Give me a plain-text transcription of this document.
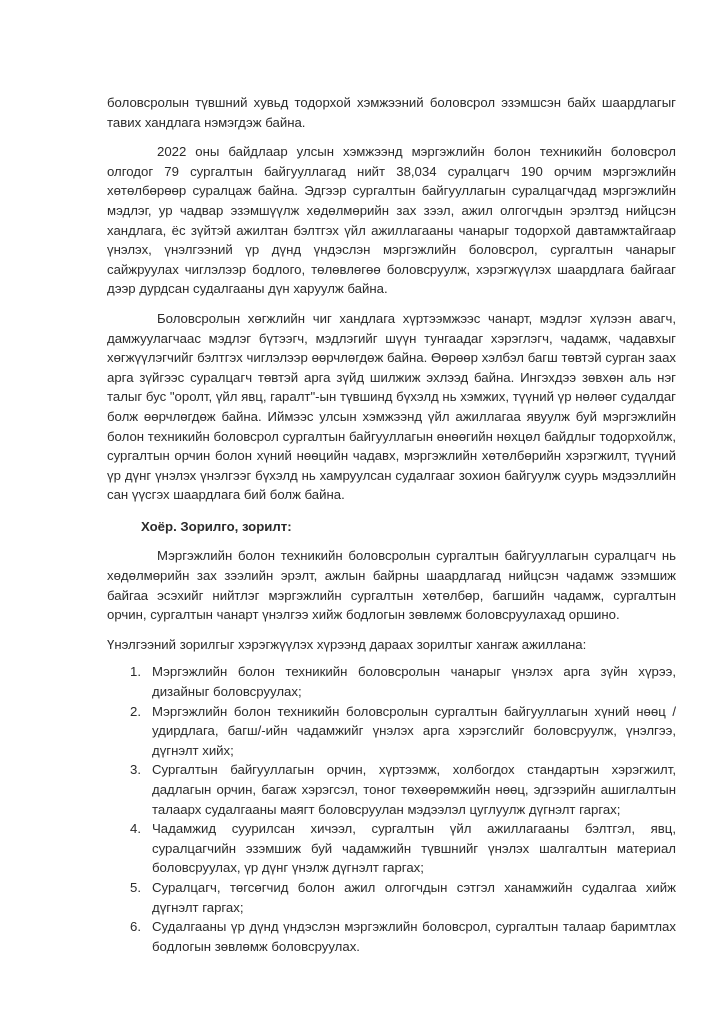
боловсролын түвшний хувьд тодорхой хэмжээний боловсрол эзэмшсэн байх шаардлагыг тавих хандлага нэмэгдэж байна.

2022 оны байдлаар улсын хэмжээнд мэргэжлийн болон техникийн боловсрол олгодог 79 сургалтын байгууллагад нийт 38,034 суралцагч 190 орчим мэргэжлийн хөтөлбөрөөр суралцаж байна. Эдгээр сургалтын байгууллагын суралцагчдад мэргэжлийн мэдлэг, ур чадвар эзэмшүүлж хөдөлмөрийн зах зээл, ажил олгогчдын эрэлтэд нийцсэн хандлага, ёс зүйтэй ажилтан бэлтгэх үйл ажиллагааны чанарыг тодорхой давтамжтайгаар үнэлэх, үнэлгээний үр дүнд үндэслэн мэргэжлийн боловсрол, сургалтын чанарыг сайжруулах чиглэлээр бодлого, төлөвлөгөө боловсруулж, хэрэгжүүлэх шаардлага байгааг дээр дурдсан судалгааны дүн харуулж байна.

Боловсролын хөгжлийн чиг хандлага хүртээмжээс чанарт, мэдлэг хүлээн авагч, дамжуулагчаас мэдлэг бүтээгч, мэдлэгийг шүүн тунгаадаг хэрэглэгч, чадамж, чадавхыг хөгжүүлэгчийг бэлтгэх чиглэлээр өөрчлөгдөж байна. Өөрөөр хэлбэл багш төвтэй сурган заах арга зүйгээс суралцагч төвтэй арга зүйд шилжиж эхлээд байна. Ингэхдээ зөвхөн аль нэг талыг бус "оролт, үйл явц, гаралт"-ын түвшинд бүхэлд нь хэмжих, түүний үр нөлөөг судалдаг болж өөрчлөгдөж байна. Иймээс улсын хэмжээнд үйл ажиллагаа явуулж буй мэргэжлийн болон техникийн боловсрол сургалтын байгууллагын өнөөгийн нөхцөл байдлыг тодорхойлж, сургалтын орчин болон хүний нөөцийн чадавх, мэргэжлийн хөтөлбөрийн хэрэгжилт, түүний үр дүнг үнэлэх үнэлгээг бүхэлд нь хамруулсан судалгааг зохион байгуулж суурь мэдээллийн сан үүсгэх шаардлага бий болж байна.

Хоёр. Зорилго, зорилт:

Мэргэжлийн болон техникийн боловсролын сургалтын байгууллагын суралцагч нь хөдөлмөрийн зах зээлийн эрэлт, ажлын байрны шаардлагад нийцсэн чадамж эзэмшиж байгаа эсэхийг нийтлэг мэргэжлийн сургалтын хөтөлбөр, багшийн чадамж, сургалтын орчин, сургалтын чанарт үнэлгээ хийж бодлогын зөвлөмж боловсруулахад оршино.

Үнэлгээний зорилгыг хэрэгжүүлэх хүрээнд дараах зорилтыг хангаж ажиллана:

1. Мэргэжлийн болон техникийн боловсролын чанарыг үнэлэх арга зүйн хүрээ, дизайныг боловсруулах;
2. Мэргэжлийн болон техникийн боловсролын сургалтын байгууллагын хүний нөөц /удирдлага, багш/-ийн чадамжийг үнэлэх арга хэрэгслийг боловсруулж, үнэлгээ, дүгнэлт хийх;
3. Сургалтын байгууллагын орчин, хүртээмж, холбогдох стандартын хэрэгжилт, дадлагын орчин, багаж хэрэгсэл, тоног төхөөрөмжийн нөөц, эдгээрийн ашиглалтын талаарх судалгааны маягт боловсруулан мэдээлэл цуглуулж дүгнэлт гаргах;
4. Чадамжид суурилсан хичээл, сургалтын үйл ажиллагааны бэлтгэл, явц, суралцагчийн эзэмшиж буй чадамжийн түвшнийг үнэлэх шалгалтын материал боловсруулах, үр дүнг үнэлж дүгнэлт гаргах;
5. Суралцагч, төгсөгчид болон ажил олгогчдын сэтгэл ханамжийн судалгаа хийж дүгнэлт гаргах;
6. Судалгааны үр дүнд үндэслэн мэргэжлийн боловсрол, сургалтын талаар баримтлах бодлогын зөвлөмж боловсруулах.
